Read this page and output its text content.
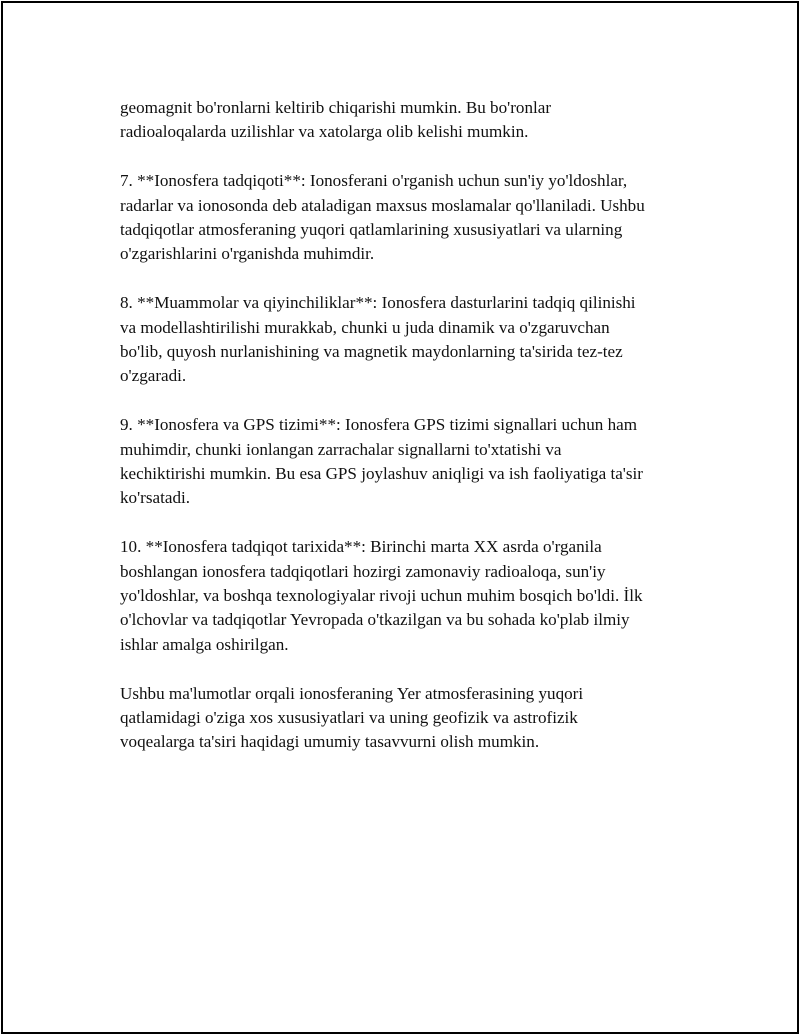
geomagnit bo'ronlarni keltirib chiqarishi mumkin. Bu bo'ronlar
radioaloqalarda uzilishlar va xatolarga olib kelishi mumkin.

7. **Ionosfera tadqiqoti**: Ionosferani o'rganish uchun sun'iy yo'ldoshlar,
radarlar va ionosonda deb ataladigan maxsus moslamalar qo'llaniladi. Ushbu
tadqiqotlar atmosferaning yuqori qatlamlarining xususiyatlari va ularning
o'zgarishlarini o'rganishda muhimdir.

8. **Muammolar va qiyinchiliklar**: Ionosfera dasturlarini tadqiq qilinishi
va modellashtirilishi murakkab, chunki u juda dinamik va o'zgaruvchan
bo'lib, quyosh nurlanishining va magnetik maydonlarning ta'sirida tez-tez
o'zgaradi.

9. **Ionosfera va GPS tizimi**: Ionosfera GPS tizimi signallari uchun ham
muhimdir, chunki ionlangan zarrachalar signallarni to'xtatishi va
kechiktirishi mumkin. Bu esa GPS joylashuv aniqligi va ish faoliyatiga ta'sir
ko'rsatadi.

10. **Ionosfera tadqiqot tarixida**: Birinchi marta XX asrda o'rganila
boshlangan ionosfera tadqiqotlari hozirgi zamonaviy radioaloqa, sun'iy
yo'ldoshlar, va boshqa texnologiyalar rivoji uchun muhim bosqich bo'ldi. İlk
o'lchovlar va tadqiqotlar Yevropada o'tkazilgan va bu sohada ko'plab ilmiy
ishlar amalga oshirilgan.

Ushbu ma'lumotlar orqali ionosferaning Yer atmosferasining yuqori
qatlamidagi o'ziga xos xususiyatlari va uning geofizik va astrofizik
voqealarga ta'siri haqidagi umumiy tasavvurni olish mumkin.
